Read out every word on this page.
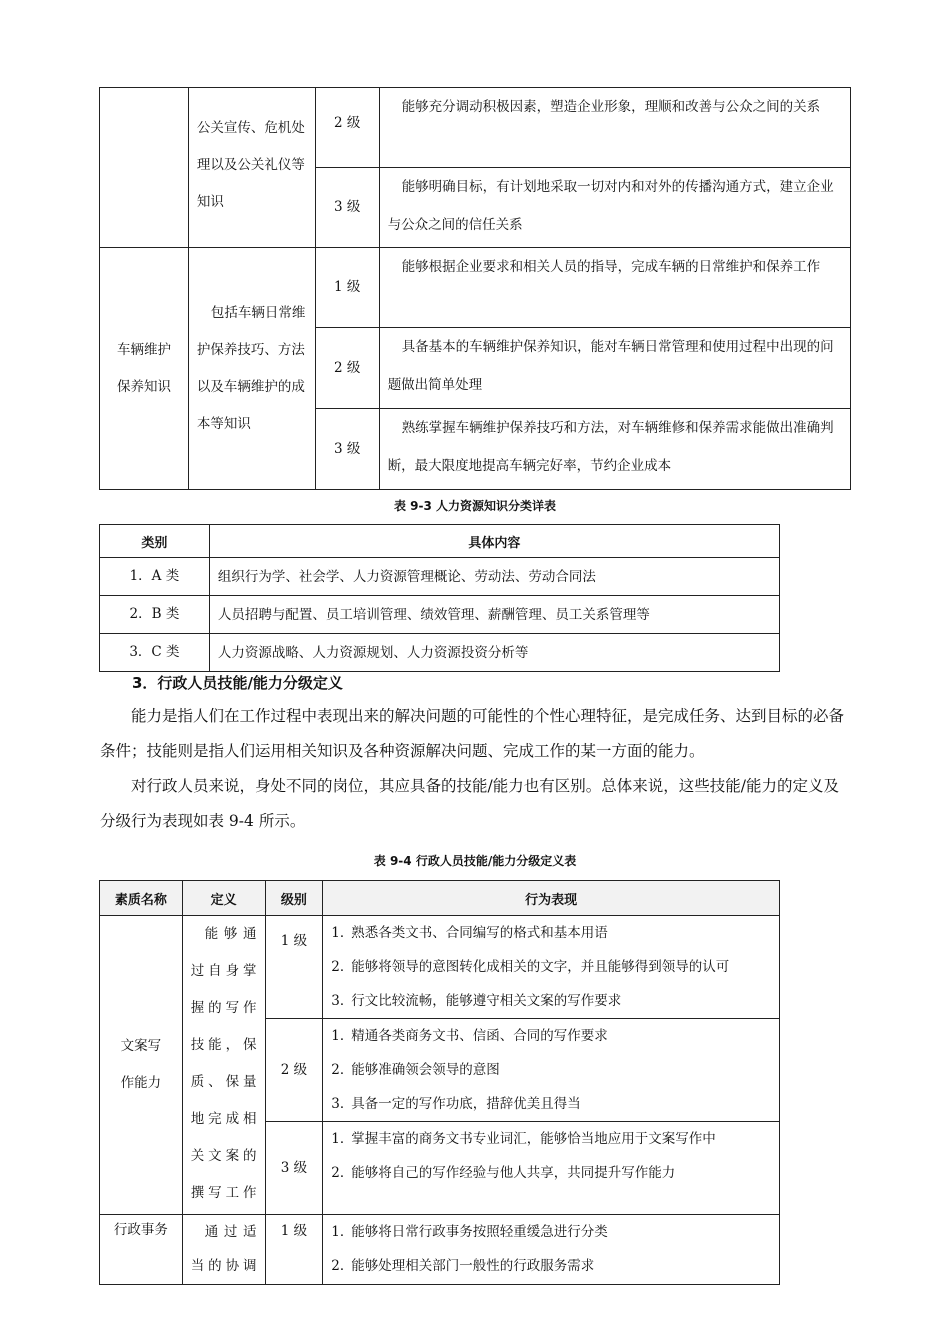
	公关宣传、危机处理以及公关礼仪等知识	2 级	能够充分调动积极因素，塑造企业形象，理顺和改善与公众之间的关系
		3 级	能够明确目标，有计划地采取一切对内和对外的传播沟通方式，建立企业与公众之间的信任关系
车辆维护保养知识	包括车辆日常维护保养技巧、方法以及车辆维护的成本等知识	1 级	能够根据企业要求和相关人员的指导，完成车辆的日常维护和保养工作
		2 级	具备基本的车辆维护保养知识，能对车辆日常管理和使用过程中出现的问题做出简单处理
		3 级	熟练掌握车辆维护保养技巧和方法，对车辆维修和保养需求能做出准确判断，最大限度地提高车辆完好率，节约企业成本
表 9-3 人力资源知识分类详表
类别	具体内容
1．A 类	组织行为学、社会学、人力资源管理概论、劳动法、劳动合同法
2．B 类	人员招聘与配置、员工培训管理、绩效管理、薪酬管理、员工关系管理等
3．C 类	人力资源战略、人力资源规划、人力资源投资分析等
3．行政人员技能/能力分级定义
能力是指人们在工作过程中表现出来的解决问题的可能性的个性心理特征，是完成任务、达到目标的必备条件；技能则是指人们运用相关知识及各种资源解决问题、完成工作的某一方面的能力。
对行政人员来说，身处不同的岗位，其应具备的技能/能力也有区别。总体来说，这些技能/能力的定义及分级行为表现如表 9-4 所示。
表 9-4 行政人员技能/能力分级定义表
素质名称	定义	级别	行为表现
文案写作能力	能够通过自身掌握的写作技能，保质、保量地完成相关文案的撰写工作	1 级	1．熟悉各类文书、合同编写的格式和基本用语
2．能够将领导的意图转化成相关的文字，并且能够得到领导的认可
3．行文比较流畅，能够遵守相关文案的写作要求

		2 级	1．精通各类商务文书、信函、合同的写作要求
2．能够准确领会领导的意图
3．具备一定的写作功底，措辞优美且得当

		3 级	1．掌握丰富的商务文书专业词汇，能够恰当地应用于文案写作中
2．能够将自己的写作经验与他人共享，共同提升写作能力

行政事务	通过适当的协调	1 级	1．能够将日常行政事务按照轻重缓急进行分类
2．能够处理相关部门一般性的行政服务需求
